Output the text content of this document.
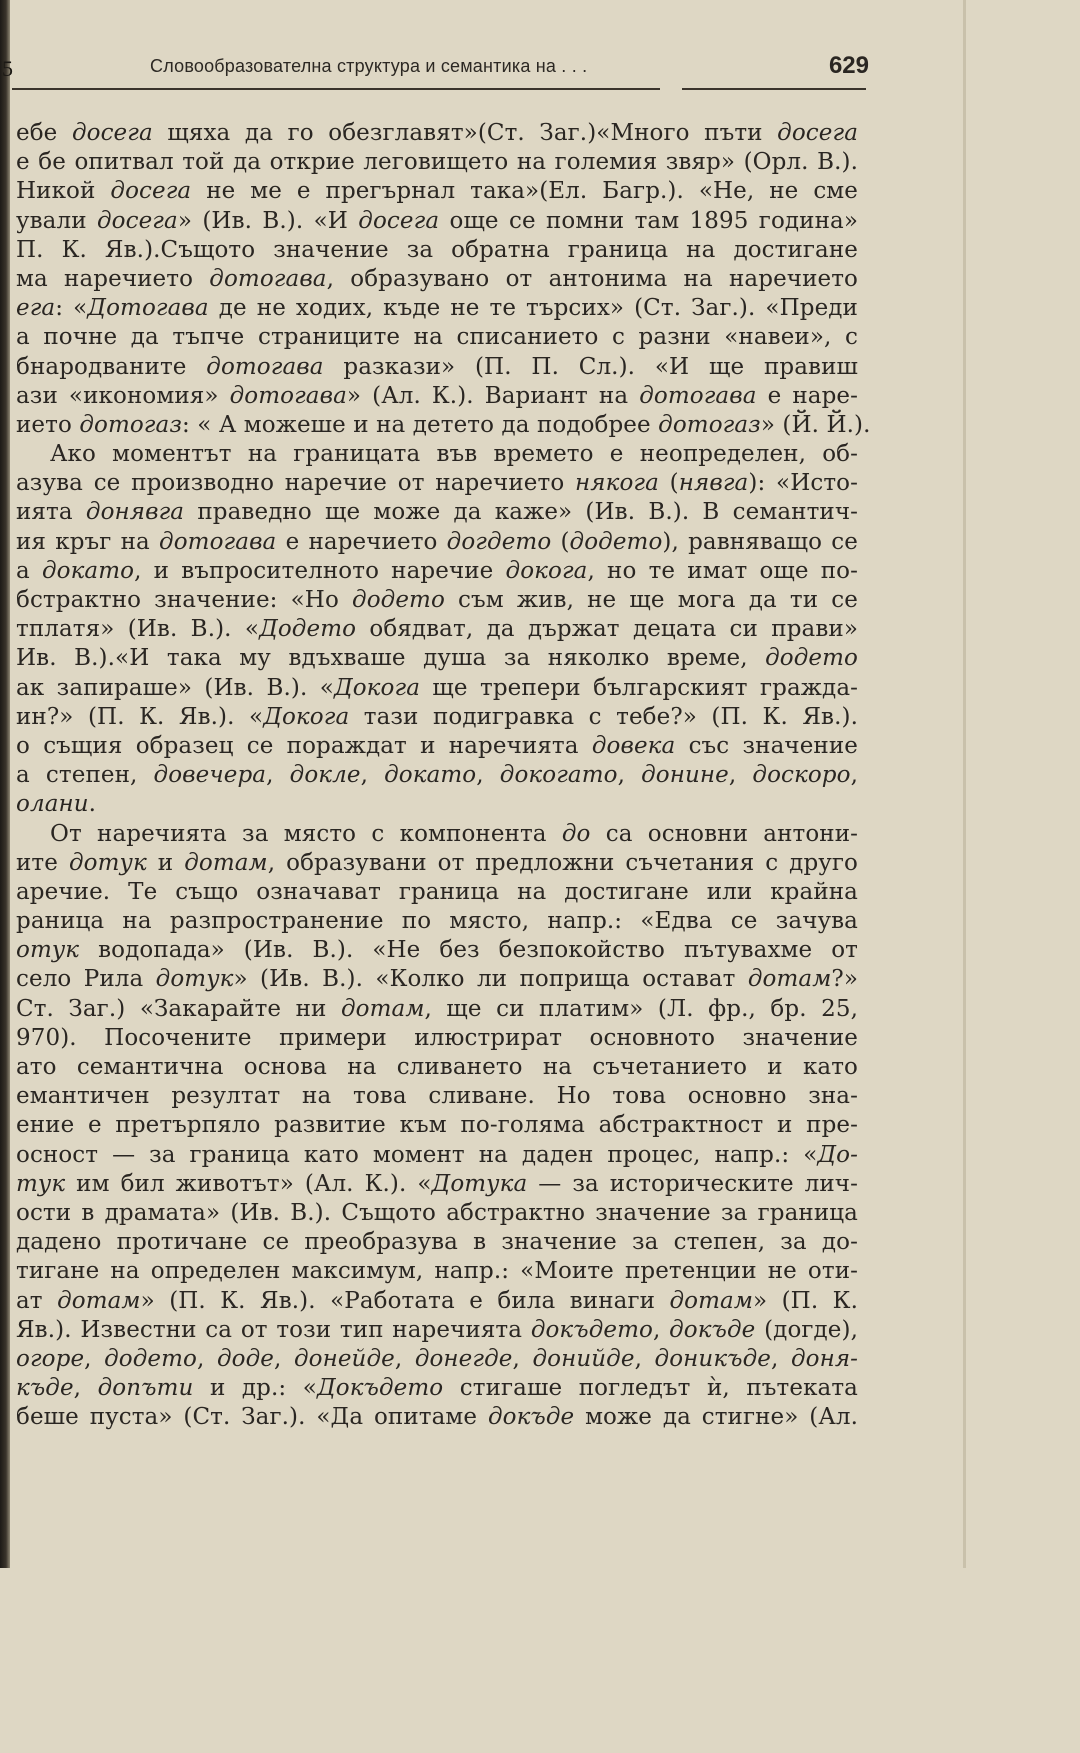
5	Словообразователна структура и семантика на . . .	629
ебе досега щяха да го обезглавят»(Ст. Заг.)«Много пъти досега
е бе опитвал той да открие леговището на големия звяр» (Орл. В.).
Никой досега не ме е прегърнал така»(Ел. Багр.). «Не, не сме
ували досега» (Ив. В.). «И досега още се помни там 1895 година»
П. К. Яв.).Същото значение за обратна граница на достигане
ма наречието дотогава, образувано от антонима на наречието
ега: «Дотогава де не ходих, къде не те търсих» (Ст. Заг.). «Преди
а почне да тъпче страниците на списанието с разни «навеи», с
бнародваните дотогава разкази» (П. П. Сл.). «И ще правиш
ази «икономия» дотогава» (Ал. К.). Вариант на дотогава е наре-
ието дотогаз: « А можеше и на детето да подобрее дотогаз» (Й. Й.).
Ако моментът на границата във времето е неопределен, об-
азува се производно наречие от наречието някога (нявга): «Исто-
ията донявга праведно ще може да каже» (Ив. В.). В семантич-
ия кръг на дотогава е наречието догдето (додето), равняващо се
а докато, и въпросителното наречие докога, но те имат още по-
бстрактно значение: «Но додето съм жив, не ще мога да ти се
тплатя» (Ив. В.). «Додето обядват, да държат децата си прави»
Ив. В.).«И така му вдъхваше душа за няколко време, додето
ак запираше» (Ив. В.). «Докога ще трепери българският гражда-
ин?» (П. К. Яв.). «Докога тази подигравка с тебе?» (П. К. Яв.).
о същия образец се пораждат и наречията довека със значение
а степен, довечера, докле, докато, докогато, донине, доскоро,
олани.
От наречията за място с компонента до са основни антони-
ите дотук и дотам, образувани от предложни съчетания с друго
аречие. Те също означават граница на достигане или крайна
раница на разпространение по място, напр.: «Едва се зачува
отук водопада» (Ив. В.). «Не без безпокойство пътувахме от
село Рила дотук» (Ив. В.). «Колко ли поприща остават дотам?»
Ст. Заг.) «Закарайте ни дотам, ще си платим» (Л. фр., бр. 25,
970). Посочените примери илюстрират основното значение
ато семантична основа на сливането на съчетанието и като
емантичен резултат на това сливане. Но това основно зна-
ение е претърпяло развитие към по-голяма абстрактност и пре-
осност — за граница като момент на даден процес, напр.: «До-
тук им бил животът» (Ал. К.). «Дотука — за историческите лич-
ости в драмата» (Ив. В.). Същото абстрактно значение за граница
дадено протичане се преобразува в значение за степен, за до-
тигане на определен максимум, напр.: «Моите претенции не оти-
ат дотам» (П. К. Яв.). «Работата е била винаги дотам» (П. К.
Яв.). Известни са от този тип наречията докъдето, докъде (догде),
огоре, додето, доде, донейде, донегде, донийде, доникъде, доня-
къде, допъти и др.: «Докъдето стигаше погледът ѝ, пътеката
беше пуста» (Ст. Заг.). «Да опитаме докъде може да стигне» (Ал.
